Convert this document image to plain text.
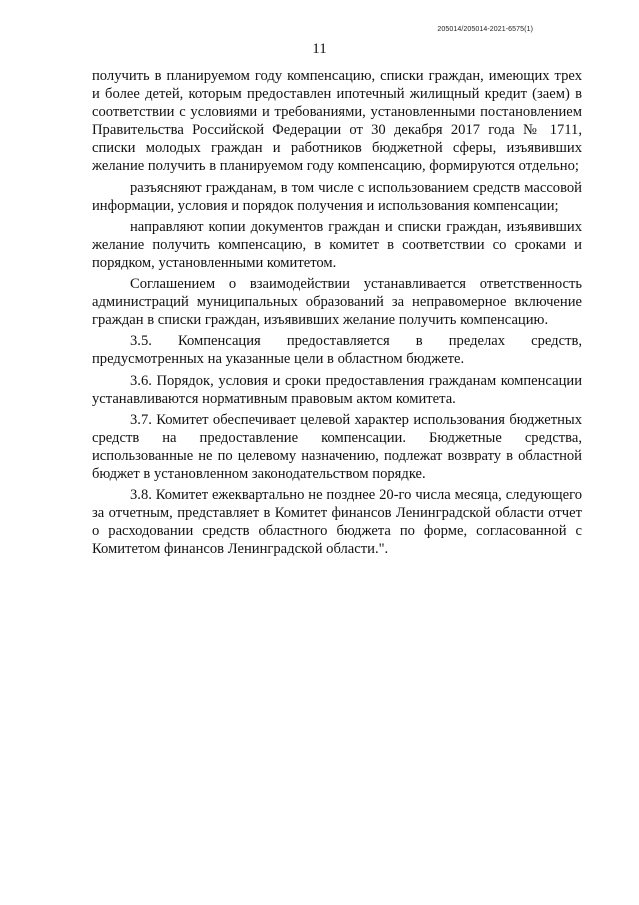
205014/205014-2021-6575(1)
11

получить в планируемом году компенсацию, списки граждан, имеющих трех и более детей, которым предоставлен ипотечный жилищный кредит (заем) в соответствии с условиями и требованиями, установленными постановлением Правительства Российской Федерации от 30 декабря 2017 года № 1711, списки молодых граждан и работников бюджетной сферы, изъявивших желание получить в планируемом году компенсацию, формируются отдельно;

разъясняют гражданам, в том числе с использованием средств массовой информации, условия и порядок получения и использования компенсации;

направляют копии документов граждан и списки граждан, изъявивших желание получить компенсацию, в комитет в соответствии со сроками и порядком, установленными комитетом.

Соглашением о взаимодействии устанавливается ответственность администраций муниципальных образований за неправомерное включение граждан в списки граждан, изъявивших желание получить компенсацию.

3.5. Компенсация предоставляется в пределах средств, предусмотренных на указанные цели в областном бюджете.

3.6. Порядок, условия и сроки предоставления гражданам компенсации устанавливаются нормативным правовым актом комитета.

3.7. Комитет обеспечивает целевой характер использования бюджетных средств на предоставление компенсации. Бюджетные средства, использованные не по целевому назначению, подлежат возврату в областной бюджет в установленном законодательством порядке.

3.8. Комитет ежеквартально не позднее 20-го числа месяца, следующего за отчетным, представляет в Комитет финансов Ленинградской области отчет о расходовании средств областного бюджета по форме, согласованной с Комитетом финансов Ленинградской области.".
